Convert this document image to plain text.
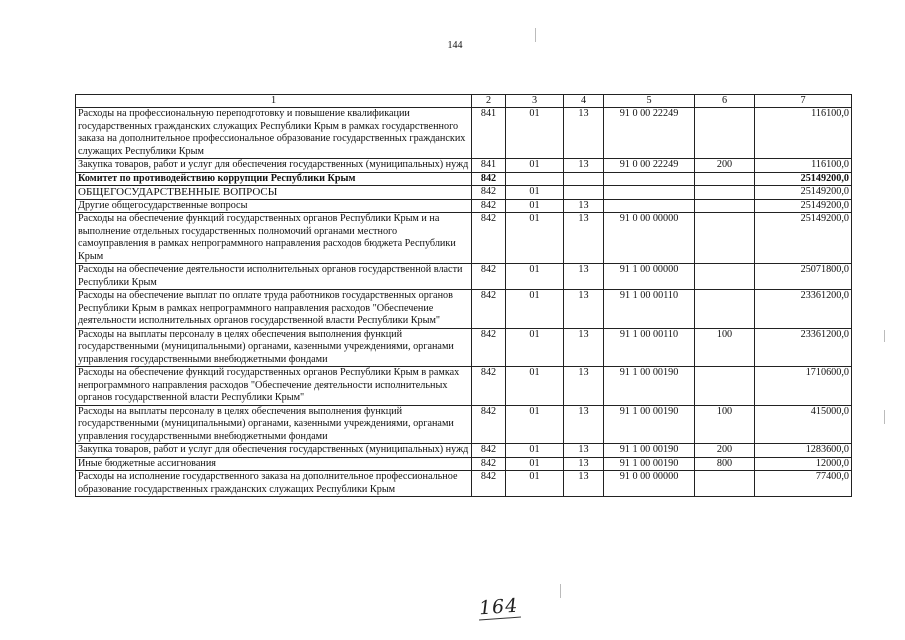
144
1	2	3	4	5	6	7
Расходы на профессиональную переподготовку и повышение квалификации государственных гражданских служащих Республики Крым в рамках государственного заказа на дополнительное профессиональное образование государственных гражданских служащих Республики Крым	841	01	13	91 0 00 22249		116100,0
Закупка товаров, работ и услуг для обеспечения государственных (муниципальных) нужд	841	01	13	91 0 00 22249	200	116100,0
Комитет по противодействию коррупции Республики Крым	842					25149200,0
ОБЩЕГОСУДАРСТВЕННЫЕ ВОПРОСЫ	842	01				25149200,0
Другие общегосударственные вопросы	842	01	13			25149200,0
Расходы на обеспечение функций государственных органов Республики Крым и на выполнение отдельных государственных полномочий органами местного самоуправления в рамках непрограммного направления расходов бюджета Республики Крым	842	01	13	91 0 00 00000		25149200,0
Расходы на обеспечение деятельности исполнительных органов государственной власти Республики Крым	842	01	13	91 1 00 00000		25071800,0
Расходы на обеспечение выплат по оплате труда работников государственных органов Республики Крым в рамках непрограммного направления расходов "Обеспечение деятельности исполнительных органов государственной власти Республики Крым"	842	01	13	91 1 00 00110		23361200,0
Расходы на выплаты персоналу в целях обеспечения выполнения функций государственными (муниципальными) органами, казенными учреждениями, органами управления государственными внебюджетными фондами	842	01	13	91 1 00 00110	100	23361200,0
Расходы на обеспечение функций государственных органов Республики Крым в рамках непрограммного направления расходов "Обеспечение деятельности исполнительных органов государственной власти Республики Крым"	842	01	13	91 1 00 00190		1710600,0
Расходы на выплаты персоналу в целях обеспечения выполнения функций государственными (муниципальными) органами, казенными учреждениями, органами управления государственными внебюджетными фондами	842	01	13	91 1 00 00190	100	415000,0
Закупка товаров, работ и услуг для обеспечения государственных (муниципальных) нужд	842	01	13	91 1 00 00190	200	1283600,0
Иные бюджетные ассигнования	842	01	13	91 1 00 00190	800	12000,0
Расходы на исполнение государственного заказа на дополнительное профессиональное образование государственных гражданских служащих Республики Крым	842	01	13	91 0 00 00000		77400,0
164
